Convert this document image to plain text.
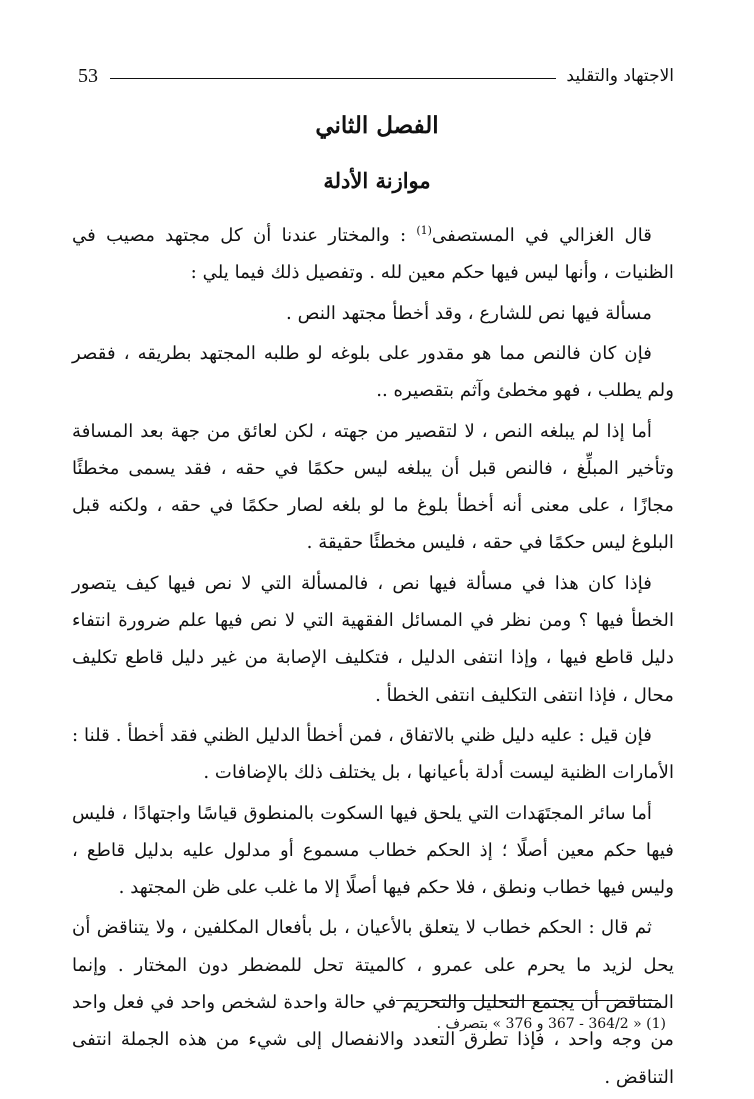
53	الاجتهاد والتقليد
الفصل الثاني
موازنة الأدلة

قال الغزالي في المستصفى$^{(1)}$ : والمختار عندنا أن كل مجتهد مصيب في الظنيات ، وأنها ليس فيها حكم معين لله . وتفصيل ذلك فيما يلي :

مسألة فيها نص للشارع ، وقد أخطأ مجتهد النص .

فإن كان فالنص مما هو مقدور على بلوغه لو طلبه المجتهد بطريقه ، فقصر ولم يطلب ، فهو مخطئ وآثم بتقصيره ..

أما إذا لم يبلغه النص ، لا لتقصير من جهته ، لكن لعائق من جهة بعد المسافة وتأخير المبلِّغ ، فالنص قبل أن يبلغه ليس حكمًا في حقه ، فقد يسمى مخطئًا مجازًا ، على معنى أنه أخطأ بلوغ ما لو بلغه لصار حكمًا في حقه ، ولكنه قبل البلوغ ليس حكمًا في حقه ، فليس مخطئًا حقيقة .

فإذا كان هذا في مسألة فيها نص ، فالمسألة التي لا نص فيها كيف يتصور الخطأ فيها ؟ ومن نظر في المسائل الفقهية التي لا نص فيها علم ضرورة انتفاء دليل قاطع فيها ، وإذا انتفى الدليل ، فتكليف الإصابة من غير دليل قاطع تكليف محال ، فإذا انتفى التكليف انتفى الخطأ .

فإن قيل : عليه دليل ظني بالاتفاق ، فمن أخطأ الدليل الظني فقد أخطأ . قلنا : الأمارات الظنية ليست أدلة بأعيانها ، بل يختلف ذلك بالإضافات .

أما سائر المجتَهَدات التي يلحق فيها السكوت بالمنطوق قياسًا واجتهادًا ، فليس فيها حكم معين أصلًا ؛ إذ الحكم خطاب مسموع أو مدلول عليه بدليل قاطع ، وليس فيها خطاب ونطق ، فلا حكم فيها أصلًا إلا ما غلب على ظن المجتهد .

ثم قال : الحكم خطاب لا يتعلق بالأعيان ، بل بأفعال المكلفين ، ولا يتناقض أن يحل لزيد ما يحرم على عمرو ، كالميتة تحل للمضطر دون المختار . وإنما المتناقض أن يجتمع التحليل والتحريم في حالة واحدة لشخص واحد في فعل واحد من وجه واحد ، فإذا تطرق التعدد والانفصال إلى شيء من هذه الجملة انتفى التناقض .

(1) « 364/2 - 367 و 376 » بتصرف .
